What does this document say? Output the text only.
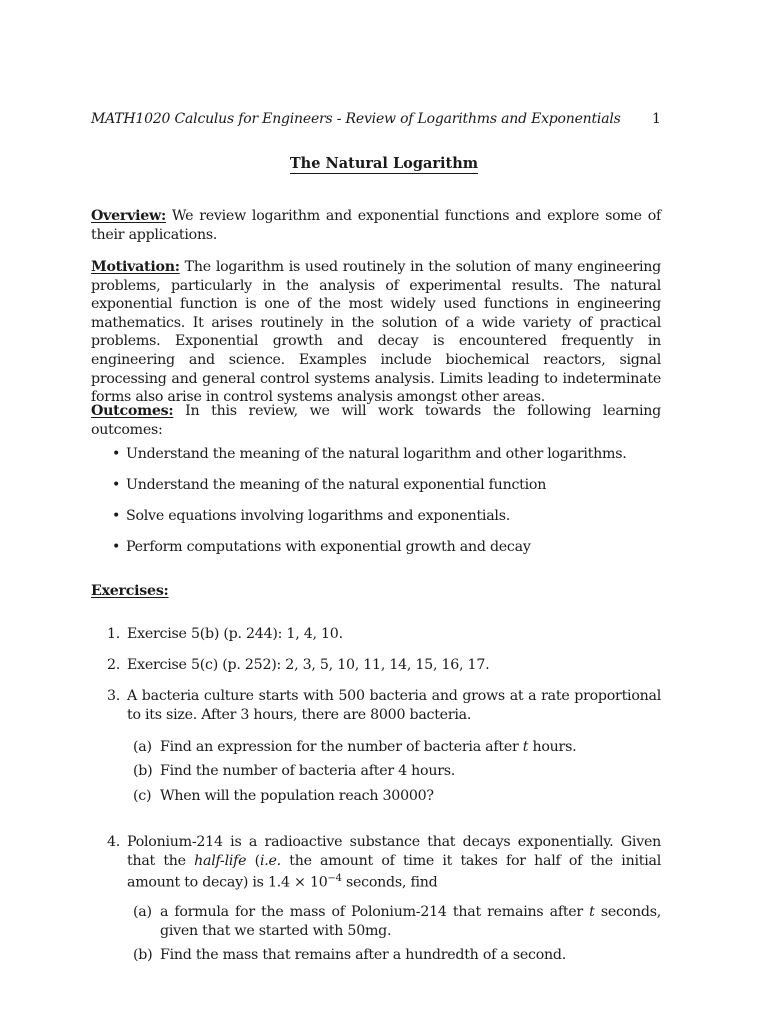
MATH1020 Calculus for Engineers - Review of Logarithms and Exponentials 1
The Natural Logarithm
Overview: We review logarithm and exponential functions and explore some of their applications.
Motivation: The logarithm is used routinely in the solution of many engineering problems, particularly in the analysis of experimental results. The natural exponential function is one of the most widely used functions in engineering mathematics. It arises routinely in the solution of a wide variety of practical problems. Exponential growth and decay is encountered frequently in engineering and science. Examples include biochemical reactors, signal processing and general control systems analysis. Limits leading to indeterminate forms also arise in control systems analysis amongst other areas.
Outcomes: In this review, we will work towards the following learning outcomes:
• Understand the meaning of the natural logarithm and other logarithms.
• Understand the meaning of the natural exponential function
• Solve equations involving logarithms and exponentials.
• Perform computations with exponential growth and decay
Exercises:
1. Exercise 5(b) (p. 244): 1, 4, 10.
2. Exercise 5(c) (p. 252): 2, 3, 5, 10, 11, 14, 15, 16, 17.
3. A bacteria culture starts with 500 bacteria and grows at a rate proportional to its size. After 3 hours, there are 8000 bacteria.
(a) Find an expression for the number of bacteria after t hours.
(b) Find the number of bacteria after 4 hours.
(c) When will the population reach 30000?
4. Polonium-214 is a radioactive substance that decays exponentially. Given that the half-life (i.e. the amount of time it takes for half of the initial amount to decay) is $1.4 \times 10^{-4}$ seconds, find
(a) a formula for the mass of Polonium-214 that remains after t seconds, given that we started with 50mg.
(b) Find the mass that remains after a hundredth of a second.
